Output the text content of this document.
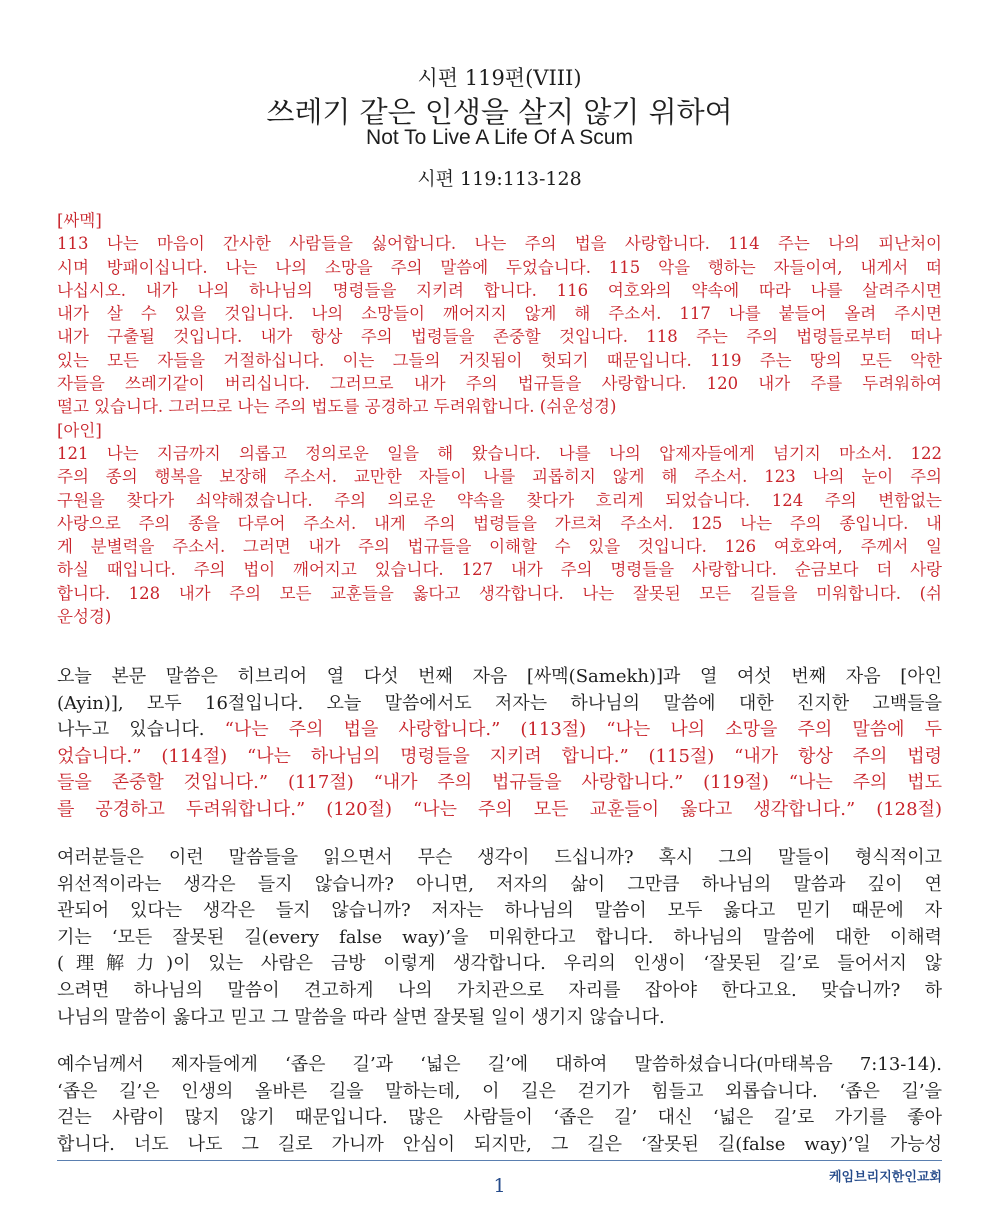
시편 119편(VIII)
쓰레기 같은 인생을 살지 않기 위하여
Not To Live A Life Of A Scum
시편 119:113-128
[싸멕]
113 나는 마음이 간사한 사람들을 싫어합니다. 나는 주의 법을 사랑합니다. 114 주는 나의 피난처이
시며 방패이십니다. 나는 나의 소망을 주의 말씀에 두었습니다. 115 악을 행하는 자들이여, 내게서 떠
나십시오. 내가 나의 하나님의 명령들을 지키려 합니다. 116 여호와의 약속에 따라 나를 살려주시면
내가 살 수 있을 것입니다. 나의 소망들이 깨어지지 않게 해 주소서. 117 나를 붙들어 올려 주시면
내가 구출될 것입니다. 내가 항상 주의 법령들을 존중할 것입니다. 118 주는 주의 법령들로부터 떠나
있는 모든 자들을 거절하십니다. 이는 그들의 거짓됨이 헛되기 때문입니다. 119 주는 땅의 모든 악한
자들을 쓰레기같이 버리십니다. 그러므로 내가 주의 법규들을 사랑합니다. 120 내가 주를 두려워하여
떨고 있습니다. 그러므로 나는 주의 법도를 공경하고 두려워합니다. (쉬운성경)
[아인]
121 나는 지금까지 의롭고 정의로운 일을 해 왔습니다. 나를 나의 압제자들에게 넘기지 마소서. 122
주의 종의 행복을 보장해 주소서. 교만한 자들이 나를 괴롭히지 않게 해 주소서. 123 나의 눈이 주의
구원을 찾다가 쇠약해졌습니다. 주의 의로운 약속을 찾다가 흐리게 되었습니다. 124 주의 변함없는
사랑으로 주의 종을 다루어 주소서. 내게 주의 법령들을 가르쳐 주소서. 125 나는 주의 종입니다. 내
게 분별력을 주소서. 그러면 내가 주의 법규들을 이해할 수 있을 것입니다. 126 여호와여, 주께서 일
하실 때입니다. 주의 법이 깨어지고 있습니다. 127 내가 주의 명령들을 사랑합니다. 순금보다 더 사랑
합니다. 128 내가 주의 모든 교훈들을 옳다고 생각합니다. 나는 잘못된 모든 길들을 미워합니다. (쉬
운성경)
오늘 본문 말씀은 히브리어 열 다섯 번째 자음 [싸멕(Samekh)]과 열 여섯 번째 자음 [아인
(Ayin)], 모두 16절입니다. 오늘 말씀에서도 저자는 하나님의 말씀에 대한 진지한 고백들을
나누고 있습니다. “나는 주의 법을 사랑합니다.” (113절) “나는 나의 소망을 주의 말씀에 두
었습니다.” (114절) “나는 하나님의 명령들을 지키려 합니다.” (115절) “내가 항상 주의 법령
들을 존중할 것입니다.” (117절) “내가 주의 법규들을 사랑합니다.” (119절) “나는 주의 법도
를 공경하고 두려워합니다.” (120절) “나는 주의 모든 교훈들이 옳다고 생각합니다.” (128절)
여러분들은 이런 말씀들을 읽으면서 무슨 생각이 드십니까? 혹시 그의 말들이 형식적이고
위선적이라는 생각은 들지 않습니까? 아니면, 저자의 삶이 그만큼 하나님의 말씀과 깊이 연
관되어 있다는 생각은 들지 않습니까? 저자는 하나님의 말씀이 모두 옳다고 믿기 때문에 자
기는 ‘모든 잘못된 길(every false way)’을 미워한다고 합니다. 하나님의 말씀에 대한 이해력
(理解力)이 있는 사람은 금방 이렇게 생각합니다. 우리의 인생이 ‘잘못된 길’로 들어서지 않
으려면 하나님의 말씀이 견고하게 나의 가치관으로 자리를 잡아야 한다고요. 맞습니까? 하
나님의 말씀이 옳다고 믿고 그 말씀을 따라 살면 잘못될 일이 생기지 않습니다.
예수님께서 제자들에게 ‘좁은 길’과 ‘넓은 길’에 대하여 말씀하셨습니다(마태복음 7:13-14).
‘좁은 길’은 인생의 올바른 길을 말하는데, 이 길은 걷기가 힘들고 외롭습니다. ‘좁은 길’을
걷는 사람이 많지 않기 때문입니다. 많은 사람들이 ‘좁은 길’ 대신 ‘넓은 길’로 가기를 좋아
합니다. 너도 나도 그 길로 가니까 안심이 되지만, 그 길은 ‘잘못된 길(false way)’일 가능성
케임브리지한인교회
1
